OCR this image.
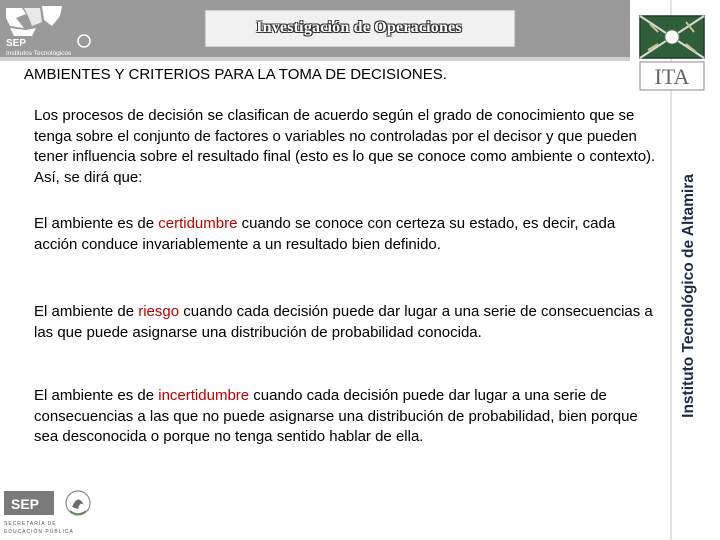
SEP
Institutos Tecnológicos
Investigación de Operaciones
ITA
Instituto Tecnológico de Altamira
AMBIENTES Y CRITERIOS PARA LA TOMA DE DECISIONES.
Los procesos de decisión se clasifican de acuerdo según el grado de conocimiento que se tenga sobre el conjunto de factores o variables no controladas por el decisor y que pueden tener influencia sobre el resultado final (esto es lo que se conoce como ambiente o contexto). Así, se dirá que:
El ambiente es de certidumbre cuando se conoce con certeza su estado, es decir, cada acción conduce invariablemente a un resultado bien definido.
El ambiente de riesgo cuando cada decisión puede dar lugar a una serie de consecuencias a las que puede asignarse una distribución de probabilidad conocida.
El ambiente es de incertidumbre cuando cada decisión puede dar lugar a una serie de consecuencias a las que no puede asignarse una distribución de probabilidad, bien porque sea desconocida o porque no tenga sentido hablar de ella.
SEP
SECRETARÍA DE
EDUCACIÓN PÚBLICA
